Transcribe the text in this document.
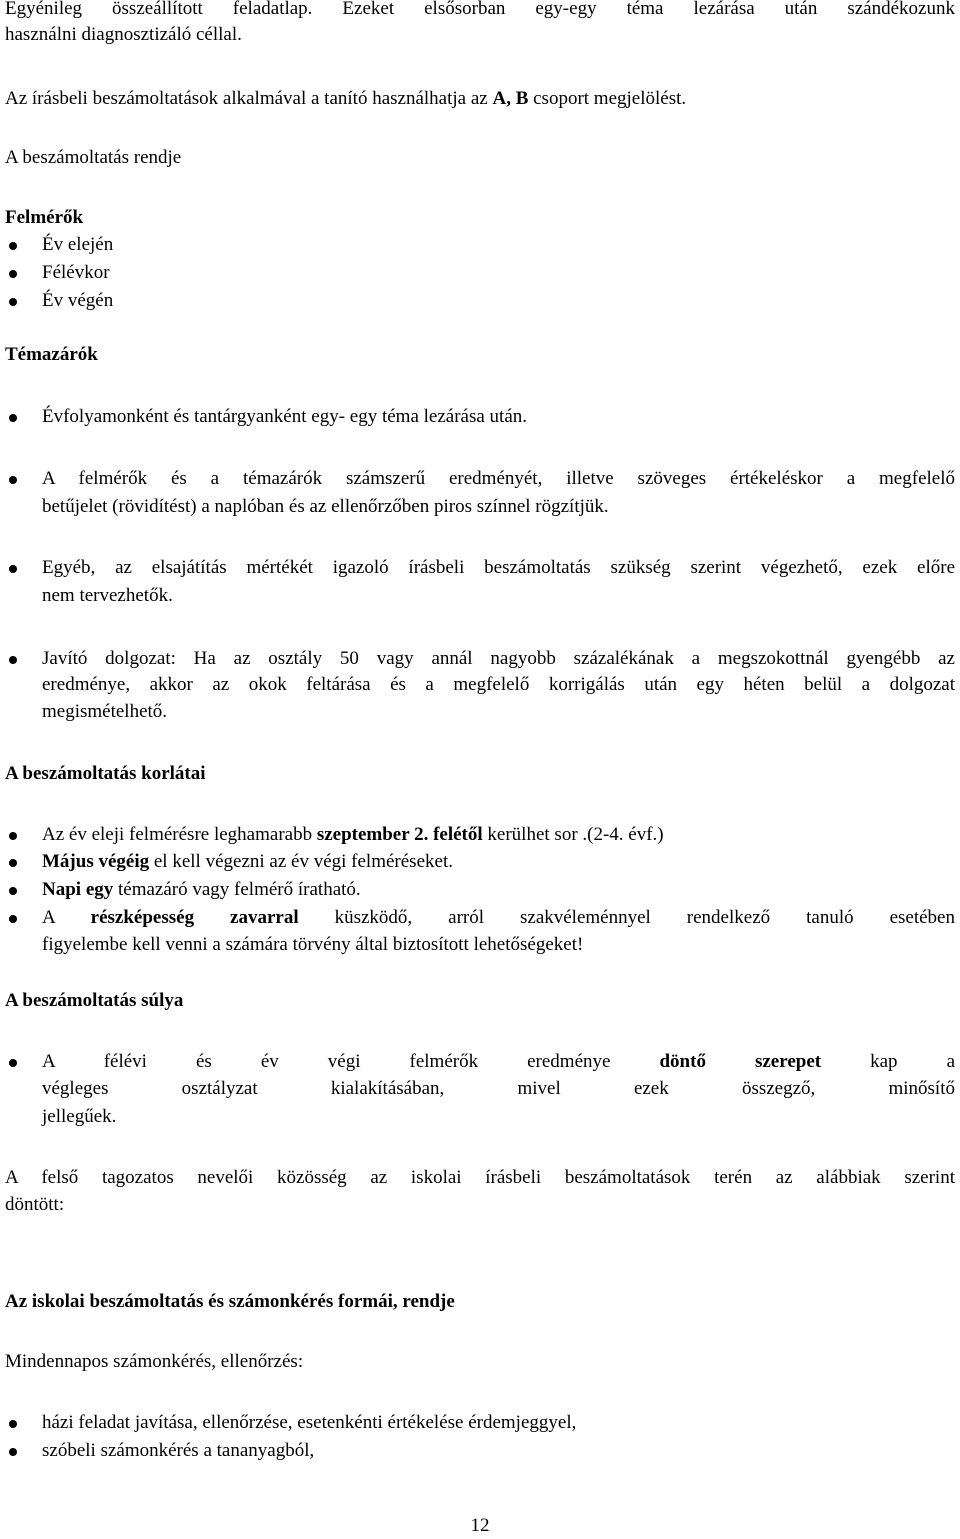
Egyénileg összeállított feladatlap. Ezeket elsősorban egy-egy téma lezárása után szándékozunk
használni diagnosztizáló céllal.
Az írásbeli beszámoltatások alkalmával a tanító használhatja az A, B csoport megjelölést.
A beszámoltatás rendje
Felmérők
Év elején
Félévkor
Év végén
Témazárók
Évfolyamonként és tantárgyanként egy- egy téma lezárása után.
A felmérők és a témazárók számszerű eredményét, illetve szöveges értékeléskor a megfelelő
betűjelet (rövidítést) a naplóban és az ellenőrzőben piros színnel rögzítjük.
Egyéb, az elsajátítás mértékét igazoló írásbeli beszámoltatás szükség szerint végezhető, ezek előre
nem tervezhetők.
Javító dolgozat: Ha az osztály 50 vagy annál nagyobb százalékának a megszokottnál gyengébb az
eredménye, akkor az okok feltárása és a megfelelő korrigálás után egy héten belül a dolgozat
megismételhető.
A beszámoltatás korlátai
Az év eleji felmérésre leghamarabb szeptember 2. felétől kerülhet sor .(2-4. évf.)
Május végéig el kell végezni az év végi felméréseket.
Napi egy témazáró vagy felmérő íratható.
A részképesség zavarral küszködő, arról szakvéleménnyel rendelkező tanuló esetében
figyelembe kell venni a számára törvény által biztosított lehetőségeket!
A beszámoltatás súlya
A félévi és év végi felmérők eredménye döntő szerepet kap a
végleges osztályzat kialakításában, mivel ezek összegző, minősítő
jellegűek.
A felső tagozatos nevelői közösség az iskolai írásbeli beszámoltatások terén az alábbiak szerint
döntött:
Az iskolai beszámoltatás és számonkérés formái, rendje
Mindennapos számonkérés, ellenőrzés:
házi feladat javítása, ellenőrzése, esetenkénti értékelése érdemjeggyel,
szóbeli számonkérés a tananyagból,
12
